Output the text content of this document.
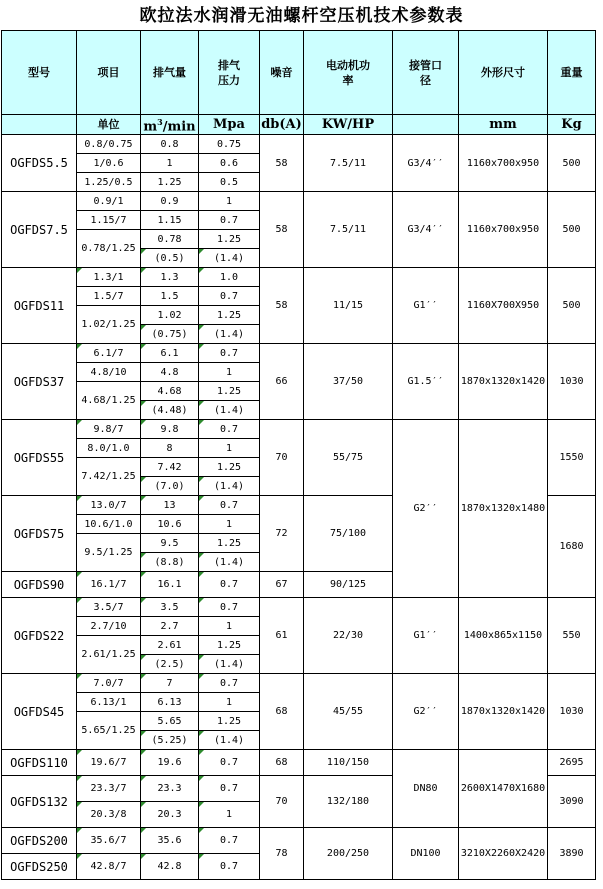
欧拉法水润滑无油螺杆空压机技术参数表
型号	项目	排气量	排气压力	噪音	电动机功率	接管口径	外形尺寸	重量
	单位	$m^3/\min$	Mpa	db(A)	KW/HP		mm	Kg
OGFDS5.5	0.8/0.75	0.8	0.75	58	7.5/11	G3/4′′	1160x700x950	500
	1/0.6	1	0.6					
	1.25/0.5	1.25	0.5					
OGFDS7.5	0.9/1	0.9	1	58	7.5/11	G3/4′′	1160x700x950	500
	1.15/7	1.15	0.7					
	0.78/1.25	0.78	1.25					
		(0.5)	(1.4)					
OGFDS11	1.3/1	1.3	1.0	58	11/15	G1′′	1160X700X950	500
	1.5/7	1.5	0.7					
	1.02/1.25	1.02	1.25					
		(0.75)	(1.4)					
OGFDS37	6.1/7	6.1	0.7	66	37/50	G1.5′′	1870x1320x1420	1030
	4.8/10	4.8	1					
	4.68/1.25	4.68	1.25					
		(4.48)	(1.4)					
OGFDS55	9.8/7	9.8	0.7	70	55/75	G2′′	1870x1320x1480	1550
	8.0/1.0	8	1					
	7.42/1.25	7.42	1.25					
		(7.0)	(1.4)					
OGFDS75	13.0/7	13	0.7	72	75/100			1680
	10.6/1.0	10.6	1					
	9.5/1.25	9.5	1.25					
		(8.8)	(1.4)					
OGFDS90	16.1/7	16.1	0.7	67	90/125			
OGFDS22	3.5/7	3.5	0.7	61	22/30	G1′′	1400x865x1150	550
	2.7/10	2.7	1					
	2.61/1.25	2.61	1.25					
		(2.5)	(1.4)					
OGFDS45	7.0/7	7	0.7	68	45/55	G2′′	1870x1320x1420	1030
	6.13/1	6.13	1					
	5.65/1.25	5.65	1.25					
		(5.25)	(1.4)					
OGFDS110	19.6/7	19.6	0.7	68	110/150	DN80	2600X1470X1680	2695
OGFDS132	23.3/7	23.3	0.7	70	132/180			3090
	20.3/8	20.3	1					
OGFDS200	35.6/7	35.6	0.7	78	200/250	DN100	3210X2260X2420	3890
OGFDS250	42.8/7	42.8	0.7					
